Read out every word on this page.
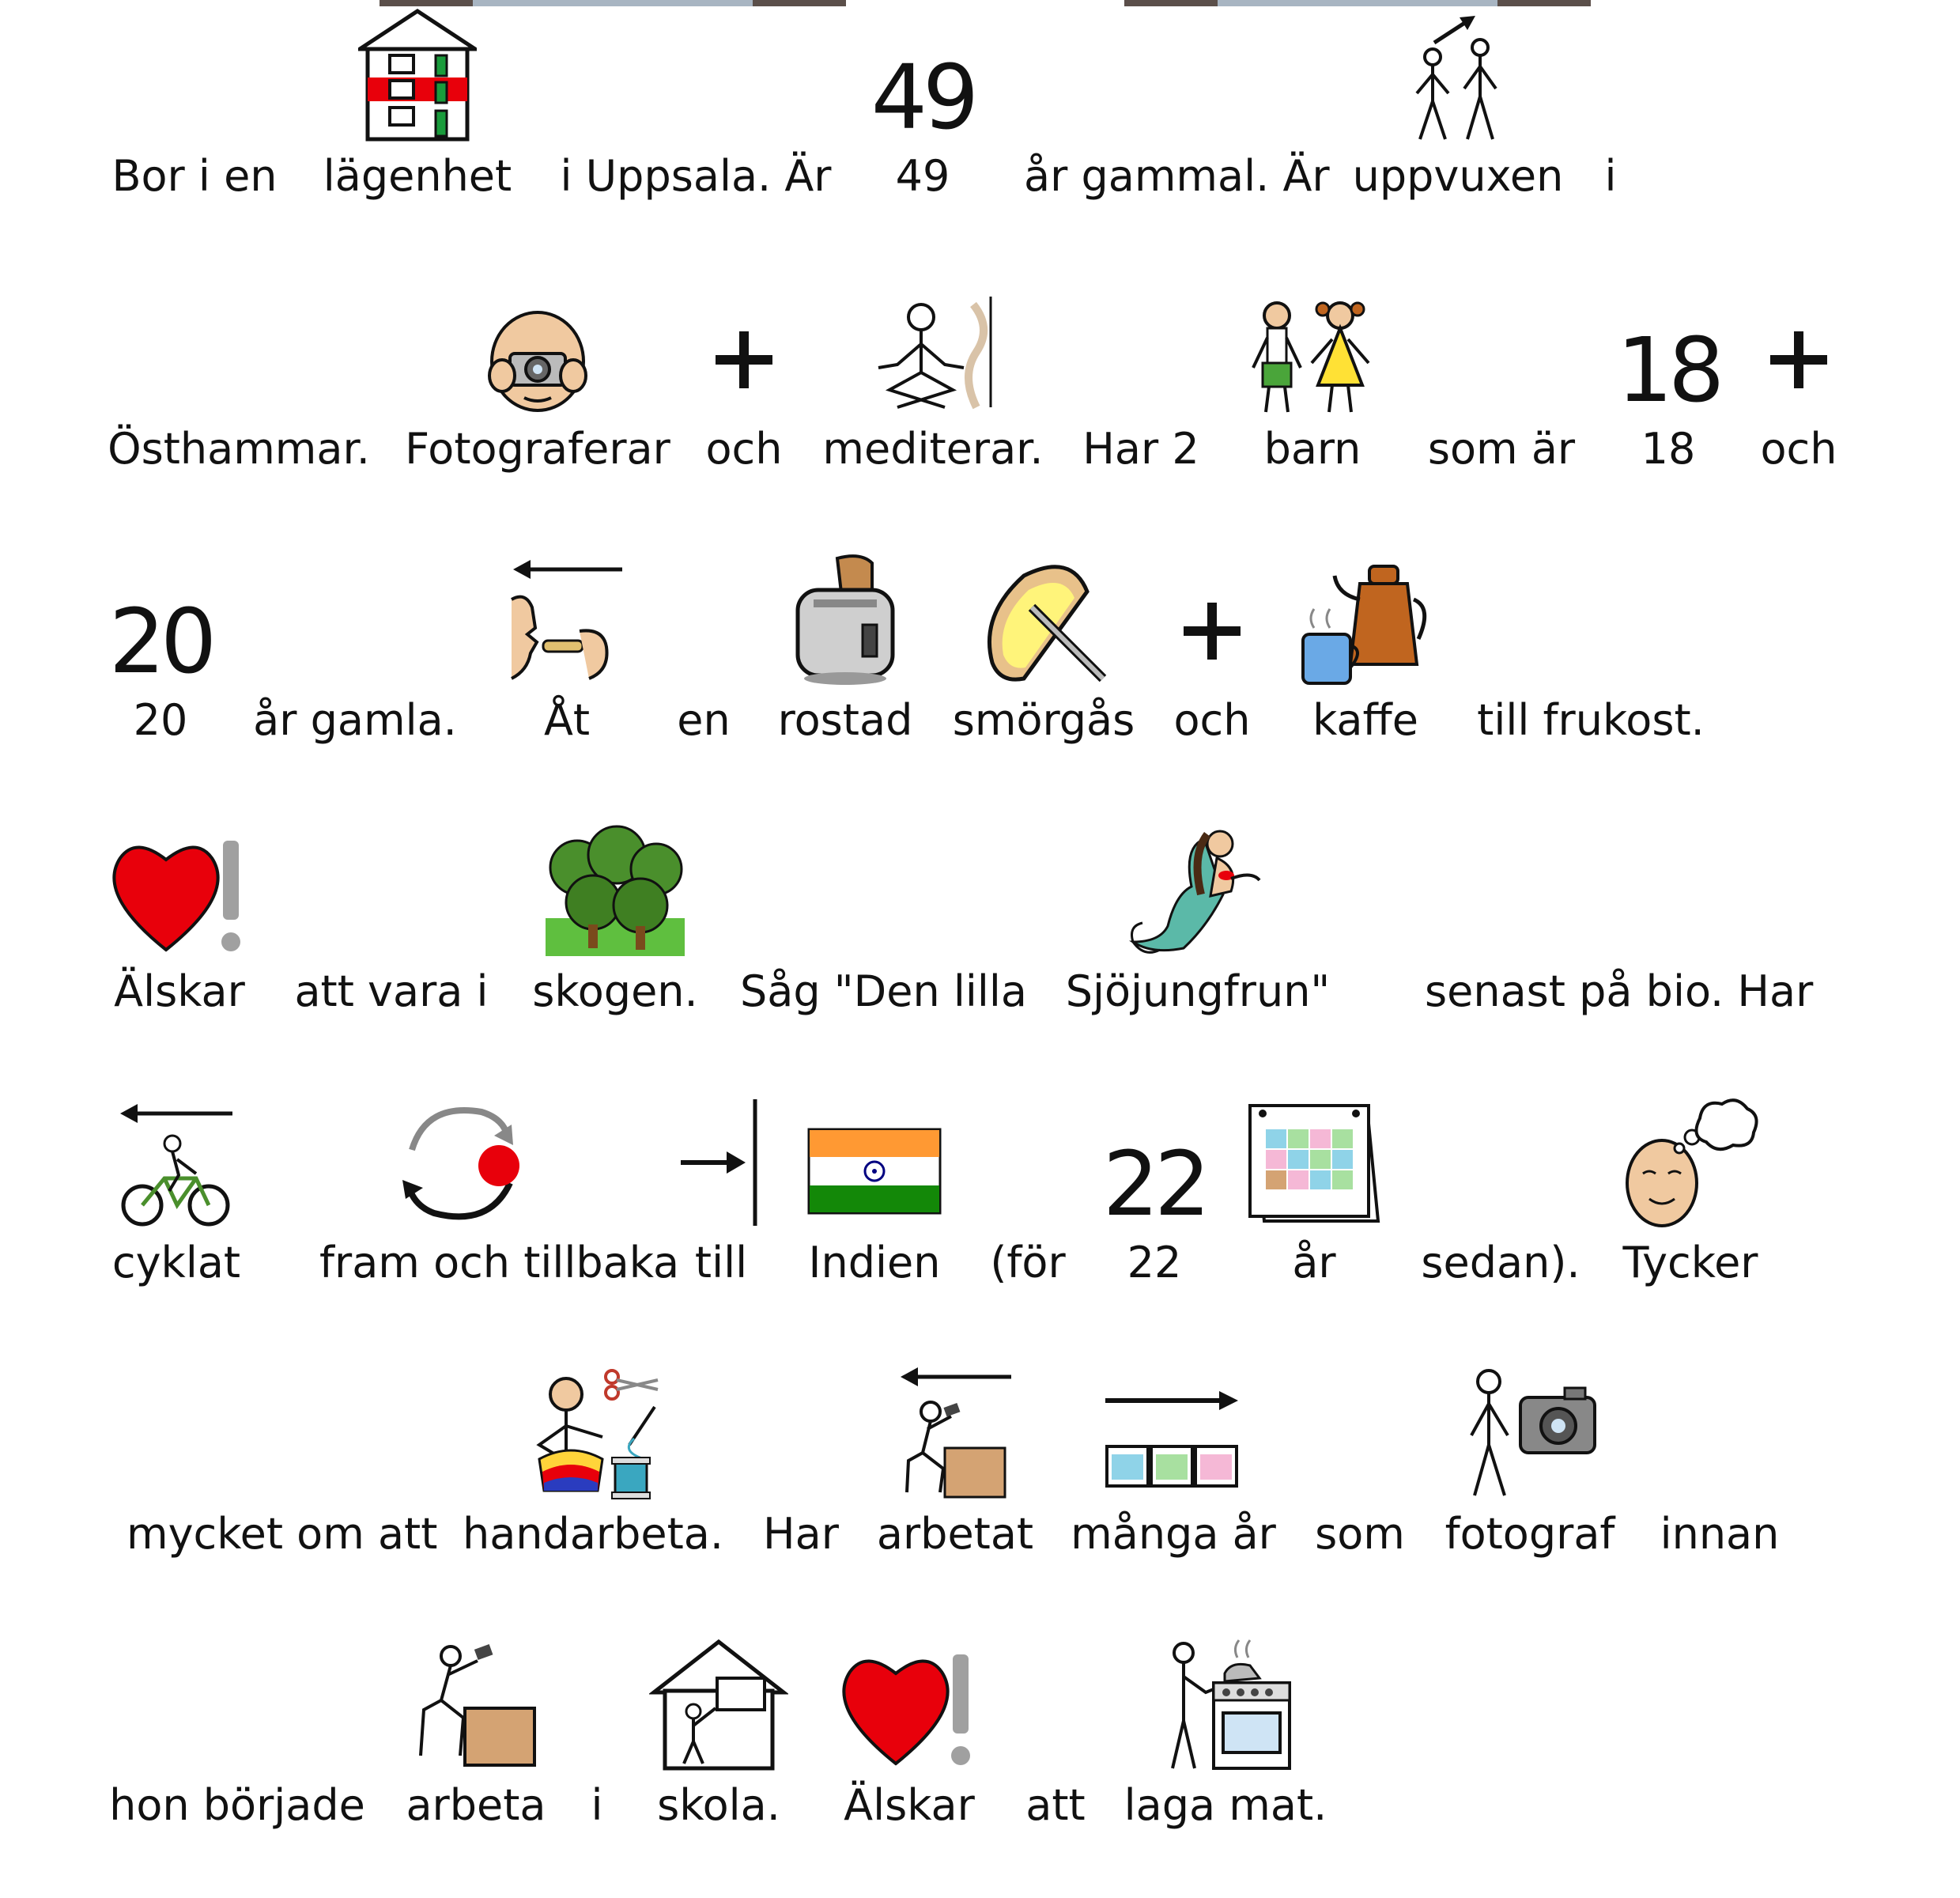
Bor i en	lägenhet	i Uppsala. Är
49
49	år gammal. Är uppvuxen i
Östhammar. Fotograferar och mediterar. Har 2	barn	som är
18
18	och
20
20	år gamla.	Åt	en	rostad smörgås och	kaffe	till frukost.
Älskar	att vara i	skogen. Såg "Den lilla Sjöjungfrun" senast på bio. Har
cyklat	fram och tillbaka till	Indien	(för
22
22	år	sedan). Tycker
mycket om att handarbeta. Har arbetat många år som fotograf	innan
hon började arbeta	i	skola.	Älskar	att laga mat.
